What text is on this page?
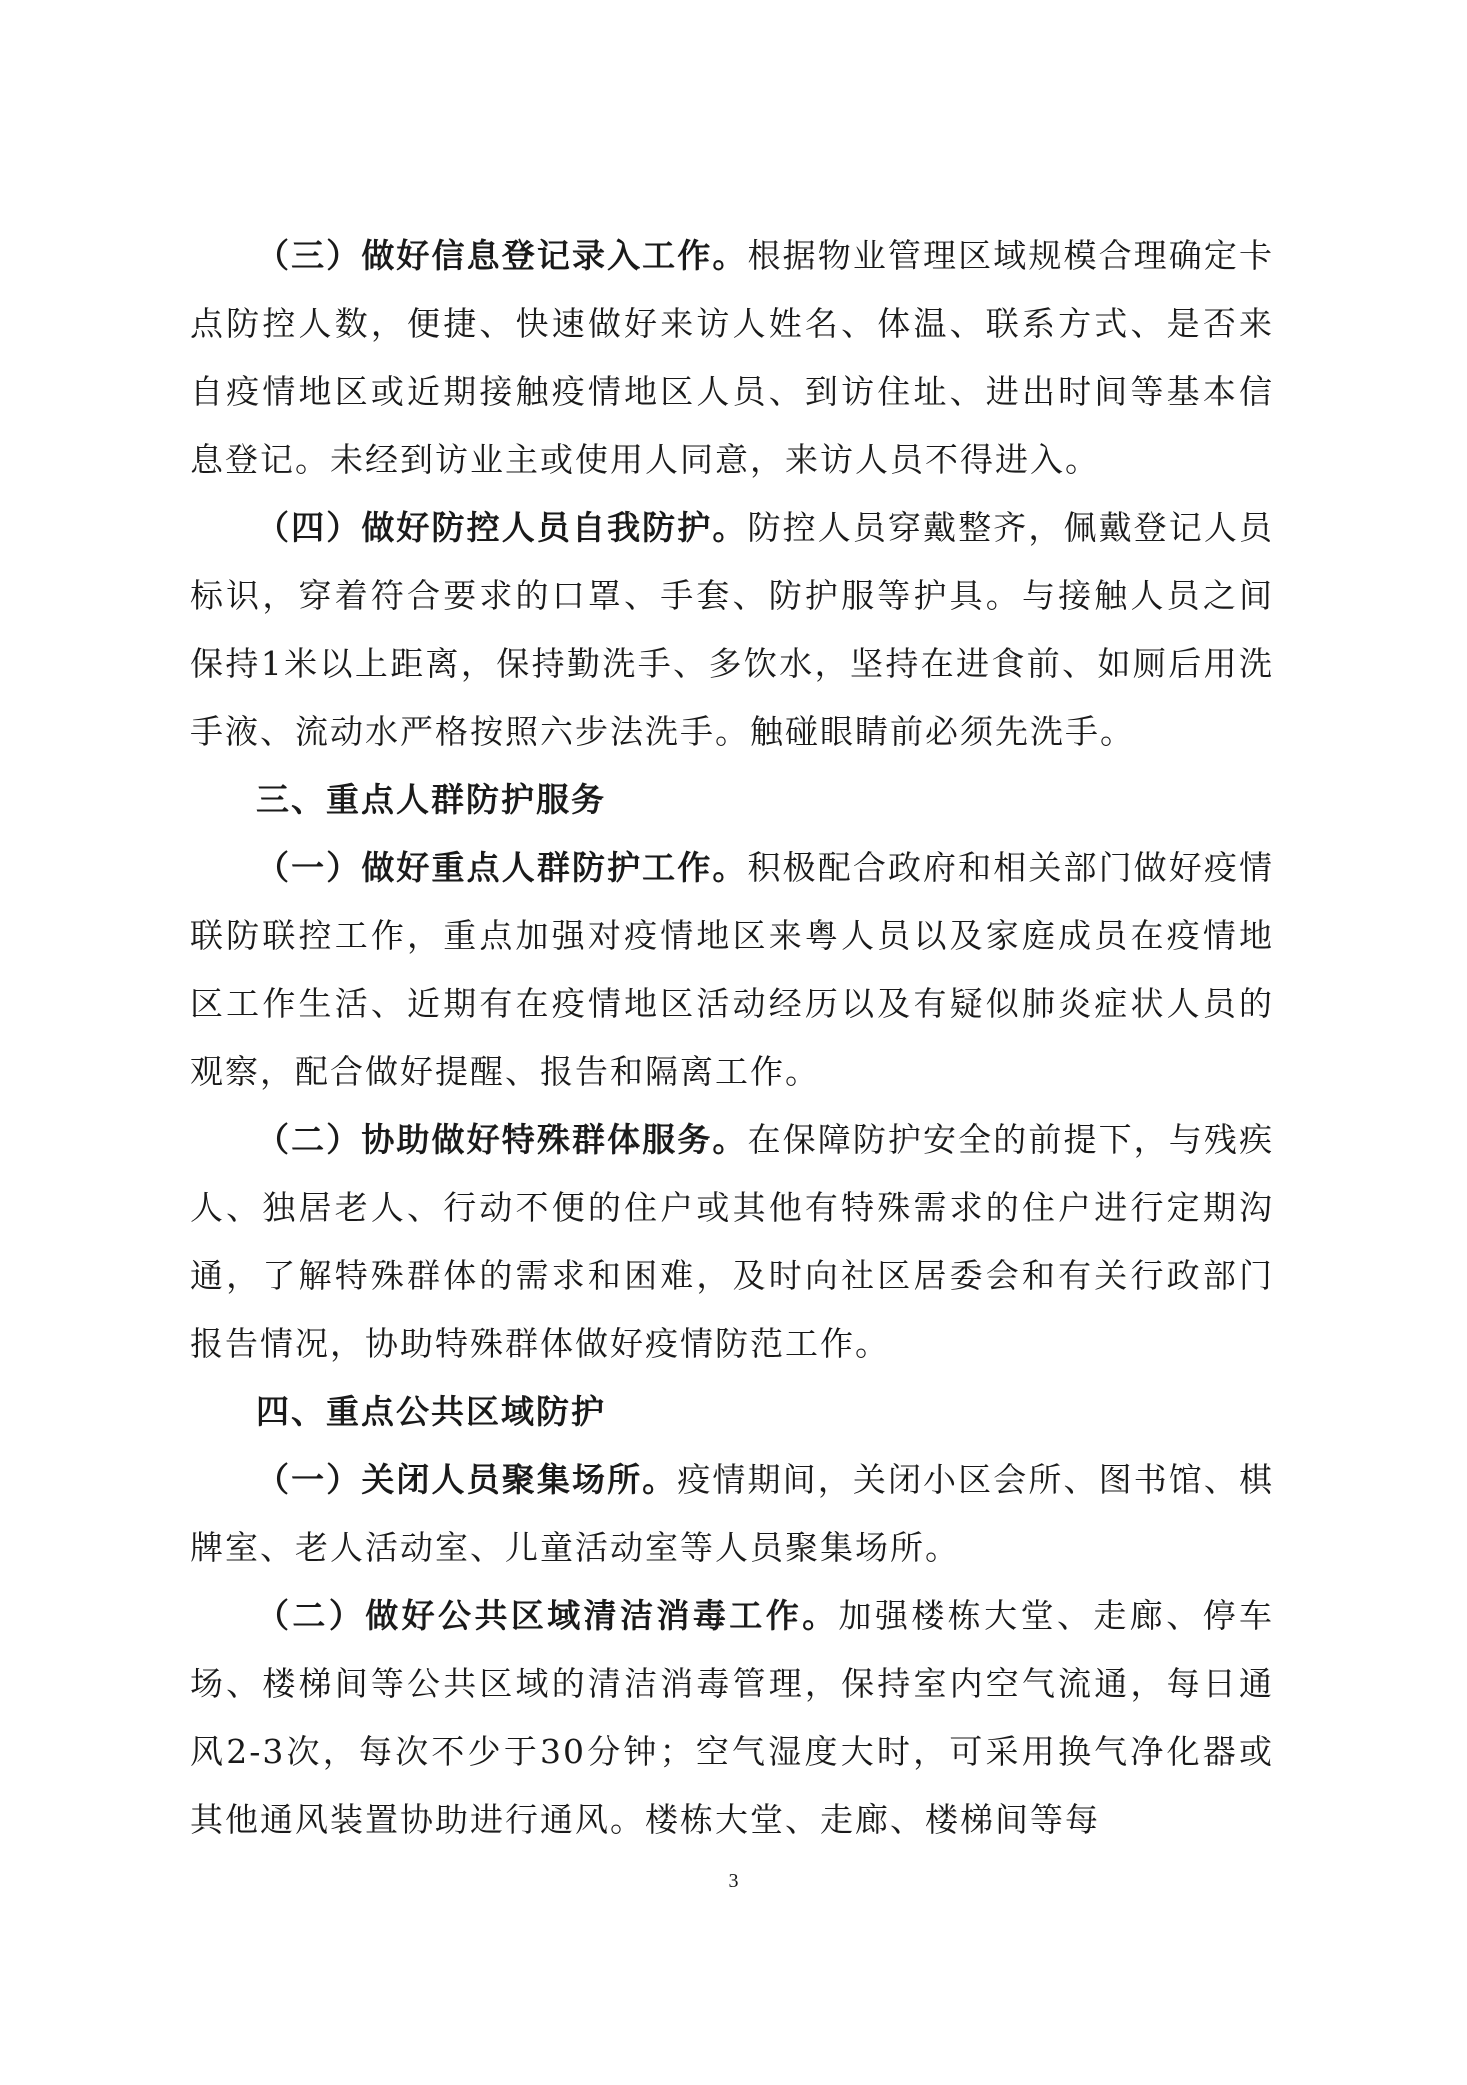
（三）做好信息登记录入工作。根据物业管理区域规模合理确定卡点防控人数，便捷、快速做好来访人姓名、体温、联系方式、是否来自疫情地区或近期接触疫情地区人员、到访住址、进出时间等基本信息登记。未经到访业主或使用人同意，来访人员不得进入。

（四）做好防控人员自我防护。防控人员穿戴整齐，佩戴登记人员标识，穿着符合要求的口罩、手套、防护服等护具。与接触人员之间保持1米以上距离，保持勤洗手、多饮水，坚持在进食前、如厕后用洗手液、流动水严格按照六步法洗手。触碰眼睛前必须先洗手。

三、重点人群防护服务

（一）做好重点人群防护工作。积极配合政府和相关部门做好疫情联防联控工作，重点加强对疫情地区来粤人员以及家庭成员在疫情地区工作生活、近期有在疫情地区活动经历以及有疑似肺炎症状人员的观察，配合做好提醒、报告和隔离工作。

（二）协助做好特殊群体服务。在保障防护安全的前提下，与残疾人、独居老人、行动不便的住户或其他有特殊需求的住户进行定期沟通，了解特殊群体的需求和困难，及时向社区居委会和有关行政部门报告情况，协助特殊群体做好疫情防范工作。

四、重点公共区域防护

（一）关闭人员聚集场所。疫情期间，关闭小区会所、图书馆、棋牌室、老人活动室、儿童活动室等人员聚集场所。

（二）做好公共区域清洁消毒工作。加强楼栋大堂、走廊、停车场、楼梯间等公共区域的清洁消毒管理，保持室内空气流通，每日通风2-3次，每次不少于30分钟；空气湿度大时，可采用换气净化器或其他通风装置协助进行通风。楼栋大堂、走廊、楼梯间等每

3
